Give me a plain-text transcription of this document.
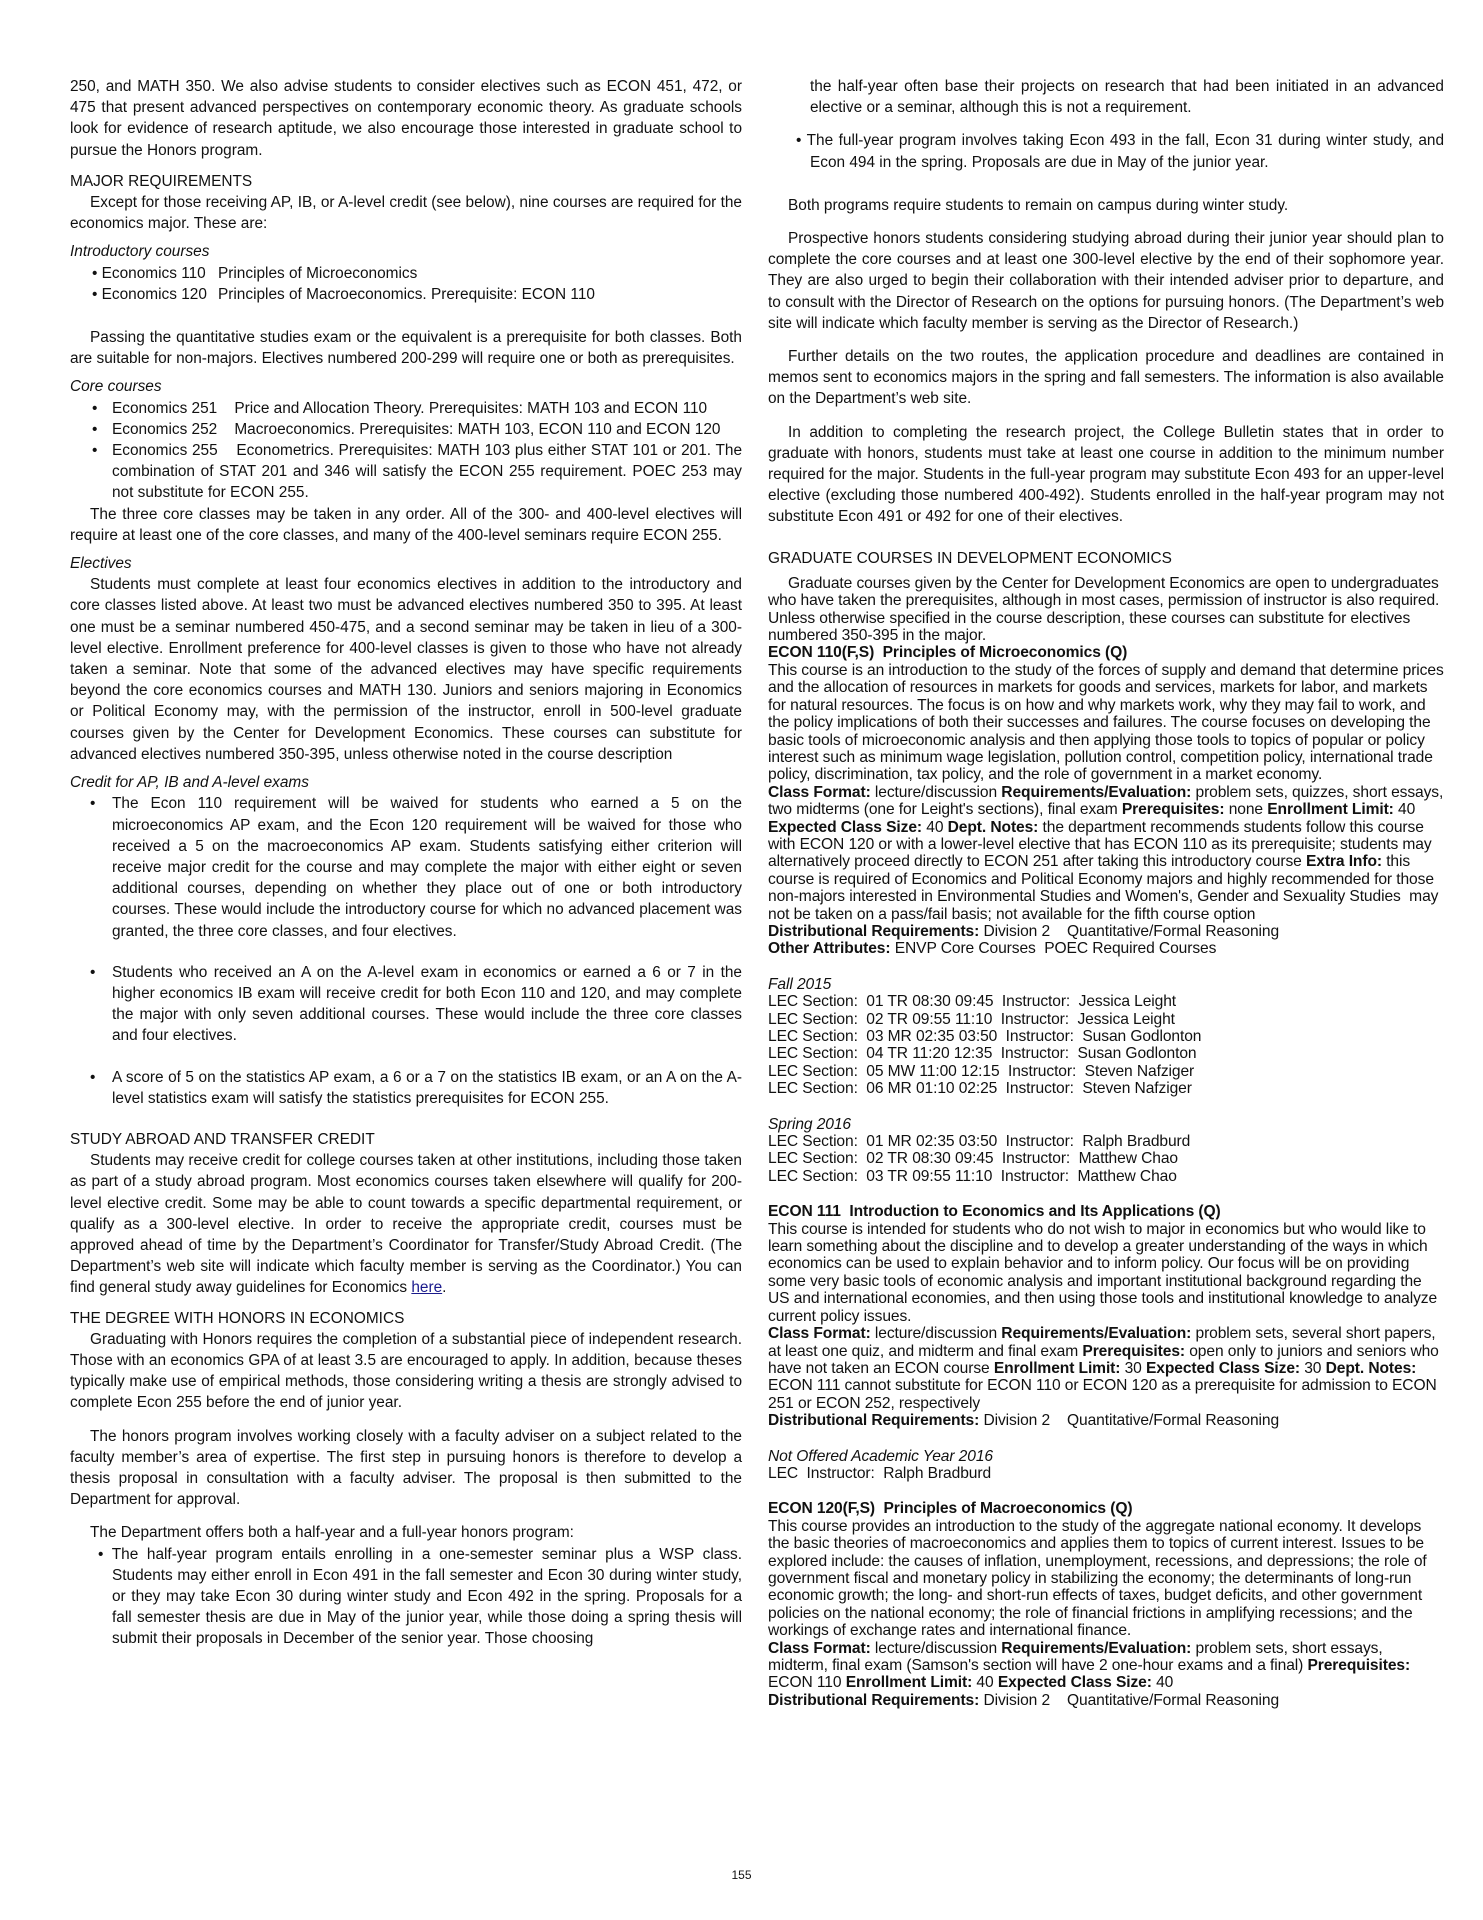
250, and MATH 350. We also advise students to consider electives such as ECON 451, 472, or 475 that present advanced perspectives on contemporary economic theory. As graduate schools look for evidence of research aptitude, we also encourage those interested in graduate school to pursue the Honors program.

MAJOR REQUIREMENTS

Except for those receiving AP, IB, or A-level credit (see below), nine courses are required for the economics major. These are:

Introductory courses

• Economics 110 Principles of Microeconomics
• Economics 120 Principles of Macroeconomics. Prerequisite: ECON 110

Passing the quantitative studies exam or the equivalent is a prerequisite for both classes. Both are suitable for non-majors. Electives numbered 200-299 will require one or both as prerequisites.

Core courses

• Economics 251    Price and Allocation Theory. Prerequisites: MATH 103 and ECON 110
• Economics 252    Macroeconomics. Prerequisites: MATH 103, ECON 110 and ECON 120
• Economics 255    Econometrics. Prerequisites: MATH 103 plus either STAT 101 or 201. The combination of STAT 201 and 346 will satisfy the ECON 255 requirement. POEC 253 may not substitute for ECON 255.

The three core classes may be taken in any order. All of the 300- and 400-level electives will require at least one of the core classes, and many of the 400-level seminars require ECON 255.

Electives

Students must complete at least four economics electives in addition to the introductory and core classes listed above. At least two must be advanced electives numbered 350 to 395. At least one must be a seminar numbered 450-475, and a second seminar may be taken in lieu of a 300-level elective. Enrollment preference for 400-level classes is given to those who have not already taken a seminar. Note that some of the advanced electives may have specific requirements beyond the core economics courses and MATH 130. Juniors and seniors majoring in Economics or Political Economy may, with the permission of the instructor, enroll in 500-level graduate courses given by the Center for Development Economics. These courses can substitute for advanced electives numbered 350-395, unless otherwise noted in the course description

Credit for AP, IB and A-level exams

• The Econ 110 requirement will be waived for students who earned a 5 on the microeconomics AP exam, and the Econ 120 requirement will be waived for those who received a 5 on the macroeconomics AP exam. Students satisfying either criterion will receive major credit for the course and may complete the major with either eight or seven additional courses, depending on whether they place out of one or both introductory courses. These would include the introductory course for which no advanced placement was granted, the three core classes, and four electives.
• Students who received an A on the A-level exam in economics or earned a 6 or 7 in the higher economics IB exam will receive credit for both Econ 110 and 120, and may complete the major with only seven additional courses. These would include the three core classes and four electives.
• A score of 5 on the statistics AP exam, a 6 or a 7 on the statistics IB exam, or an A on the A-level statistics exam will satisfy the statistics prerequisites for ECON 255.

STUDY ABROAD AND TRANSFER CREDIT

Students may receive credit for college courses taken at other institutions, including those taken as part of a study abroad program. Most economics courses taken elsewhere will qualify for 200-level elective credit. Some may be able to count towards a specific departmental requirement, or qualify as a 300-level elective. In order to receive the appropriate credit, courses must be approved ahead of time by the Department’s Coordinator for Transfer/Study Abroad Credit. (The Department’s web site will indicate which faculty member is serving as the Coordinator.) You can find general study away guidelines for Economics here.

THE DEGREE WITH HONORS IN ECONOMICS

Graduating with Honors requires the completion of a substantial piece of independent research. Those with an economics GPA of at least 3.5 are encouraged to apply. In addition, because theses typically make use of empirical methods, those considering writing a thesis are strongly advised to complete Econ 255 before the end of junior year.

The honors program involves working closely with a faculty adviser on a subject related to the faculty member’s area of expertise. The first step in pursuing honors is therefore to develop a thesis proposal in consultation with a faculty adviser. The proposal is then submitted to the Department for approval.

The Department offers both a half-year and a full-year honors program:

• The half-year program entails enrolling in a one-semester seminar plus a WSP class. Students may either enroll in Econ 491 in the fall semester and Econ 30 during winter study, or they may take Econ 30 during winter study and Econ 492 in the spring. Proposals for a fall semester thesis are due in May of the junior year, while those doing a spring thesis will submit their proposals in December of the senior year. Those choosing

the half-year often base their projects on research that had been initiated in an advanced elective or a seminar, although this is not a requirement.

• The full-year program involves taking Econ 493 in the fall, Econ 31 during winter study, and Econ 494 in the spring. Proposals are due in May of the junior year.

Both programs require students to remain on campus during winter study.

Prospective honors students considering studying abroad during their junior year should plan to complete the core courses and at least one 300-level elective by the end of their sophomore year. They are also urged to begin their collaboration with their intended adviser prior to departure, and to consult with the Director of Research on the options for pursuing honors. (The Department’s web site will indicate which faculty member is serving as the Director of Research.)

Further details on the two routes, the application procedure and deadlines are contained in memos sent to economics majors in the spring and fall semesters. The information is also available on the Department’s web site.

In addition to completing the research project, the College Bulletin states that in order to graduate with honors, students must take at least one course in addition to the minimum number required for the major. Students in the full-year program may substitute Econ 493 for an upper-level elective (excluding those numbered 400-492). Students enrolled in the half-year program may not substitute Econ 491 or 492 for one of their electives.

GRADUATE COURSES IN DEVELOPMENT ECONOMICS

Graduate courses given by the Center for Development Economics are open to undergraduates who have taken the prerequisites, although in most cases, permission of instructor is also required. Unless otherwise specified in the course description, these courses can substitute for electives numbered 350-395 in the major.

ECON 110(F,S)  Principles of Microeconomics (Q)

This course is an introduction to the study of the forces of supply and demand that determine prices and the allocation of resources in markets for goods and services, markets for labor, and markets for natural resources. The focus is on how and why markets work, why they may fail to work, and the policy implications of both their successes and failures. The course focuses on developing the basic tools of microeconomic analysis and then applying those tools to topics of popular or policy interest such as minimum wage legislation, pollution control, competition policy, international trade policy, discrimination, tax policy, and the role of government in a market economy.

Class Format: lecture/discussion Requirements/Evaluation: problem sets, quizzes, short essays, two midterms (one for Leight's sections), final exam Prerequisites: none Enrollment Limit: 40 Expected Class Size: 40 Dept. Notes: the department recommends students follow this course with ECON 120 or with a lower-level elective that has ECON 110 as its prerequisite; students may alternatively proceed directly to ECON 251 after taking this introductory course Extra Info: this course is required of Economics and Political Economy majors and highly recommended for those non-majors interested in Environmental Studies and Women's, Gender and Sexuality Studies  may not be taken on a pass/fail basis; not available for the fifth course option

Distributional Requirements: Division 2    Quantitative/Formal Reasoning

Other Attributes: ENVP Core Courses  POEC Required Courses

Fall 2015

LEC Section:  01 TR 08:30 09:45  Instructor:  Jessica Leight

LEC Section:  02 TR 09:55 11:10  Instructor:  Jessica Leight

LEC Section:  03 MR 02:35 03:50  Instructor:  Susan Godlonton

LEC Section:  04 TR 11:20 12:35  Instructor:  Susan Godlonton

LEC Section:  05 MW 11:00 12:15  Instructor:  Steven Nafziger

LEC Section:  06 MR 01:10 02:25  Instructor:  Steven Nafziger

Spring 2016

LEC Section:  01 MR 02:35 03:50  Instructor:  Ralph Bradburd

LEC Section:  02 TR 08:30 09:45  Instructor:  Matthew Chao

LEC Section:  03 TR 09:55 11:10  Instructor:  Matthew Chao

ECON 111  Introduction to Economics and Its Applications (Q)

This course is intended for students who do not wish to major in economics but who would like to learn something about the discipline and to develop a greater understanding of the ways in which economics can be used to explain behavior and to inform policy. Our focus will be on providing some very basic tools of economic analysis and important institutional background regarding the US and international economies, and then using those tools and institutional knowledge to analyze current policy issues.

Class Format: lecture/discussion Requirements/Evaluation: problem sets, several short papers, at least one quiz, and midterm and final exam Prerequisites: open only to juniors and seniors who have not taken an ECON course Enrollment Limit: 30 Expected Class Size: 30 Dept. Notes: ECON 111 cannot substitute for ECON 110 or ECON 120 as a prerequisite for admission to ECON 251 or ECON 252, respectively

Distributional Requirements: Division 2    Quantitative/Formal Reasoning

Not Offered Academic Year 2016

LEC  Instructor:  Ralph Bradburd

ECON 120(F,S)  Principles of Macroeconomics (Q)

This course provides an introduction to the study of the aggregate national economy. It develops the basic theories of macroeconomics and applies them to topics of current interest. Issues to be explored include: the causes of inflation, unemployment, recessions, and depressions; the role of government fiscal and monetary policy in stabilizing the economy; the determinants of long-run economic growth; the long- and short-run effects of taxes, budget deficits, and other government policies on the national economy; the role of financial frictions in amplifying recessions; and the workings of exchange rates and international finance.

Class Format: lecture/discussion Requirements/Evaluation: problem sets, short essays, midterm, final exam (Samson's section will have 2 one-hour exams and a final) Prerequisites: ECON 110 Enrollment Limit: 40 Expected Class Size: 40

Distributional Requirements: Division 2    Quantitative/Formal Reasoning

155
